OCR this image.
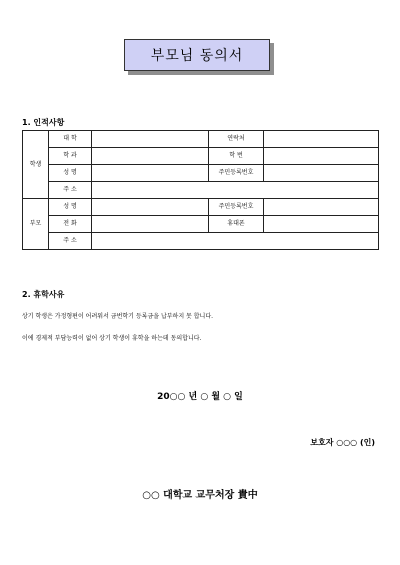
부모님 동의서
1. 인적사항
학생	대 학		연락처	
	학 과		학 번	
	성 명		주민등록번호	
	주 소			
부모	성 명		주민등록번호	
	전 화		휴대폰	
	주 소			
2. 휴학사유
상기 학생은 가정형편이 어려워서 금번학기 등록금을 납부하지 못 합니다.
이에 경제적 부담능력이 없어 상기 학생이 휴학을 하는데 동의합니다.
20○○ 년 ○ 월 ○ 일
보호자 ○○○ (인)
○○ 대학교 교무처장 貴中
